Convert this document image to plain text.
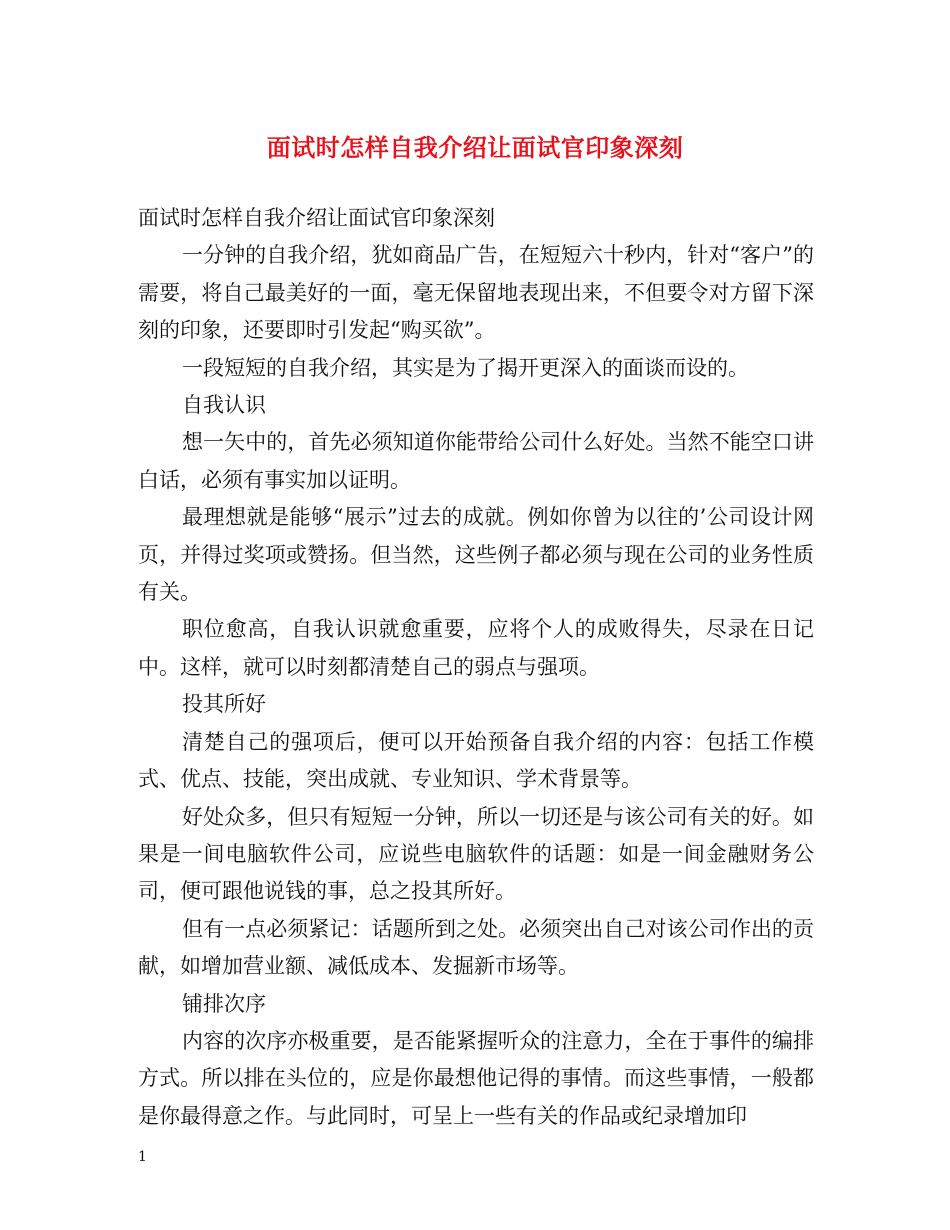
面试时怎样自我介绍让面试官印象深刻

面试时怎样自我介绍让面试官印象深刻

一分钟的自我介绍，犹如商品广告，在短短六十秒内，针对“客户”的需要，将自己最美好的一面，毫无保留地表现出来，不但要令对方留下深刻的印象，还要即时引发起“购买欲”。

一段短短的自我介绍，其实是为了揭开更深入的面谈而设的。

自我认识

想一矢中的，首先必须知道你能带给公司什么好处。当然不能空口讲白话，必须有事实加以证明。

最理想就是能够“展示”过去的成就。例如你曾为以往的’公司设计网页，并得过奖项或赞扬。但当然，这些例子都必须与现在公司的业务性质有关。

职位愈高，自我认识就愈重要，应将个人的成败得失，尽录在日记中。这样，就可以时刻都清楚自己的弱点与强项。

投其所好

清楚自己的强项后，便可以开始预备自我介绍的内容：包括工作模式、优点、技能，突出成就、专业知识、学术背景等。

好处众多，但只有短短一分钟，所以一切还是与该公司有关的好。如果是一间电脑软件公司，应说些电脑软件的话题：如是一间金融财务公司，便可跟他说钱的事，总之投其所好。

但有一点必须紧记：话题所到之处。必须突出自己对该公司作出的贡献，如增加营业额、减低成本、发掘新市场等。

铺排次序

内容的次序亦极重要，是否能紧握听众的注意力，全在于事件的编排方式。所以排在头位的，应是你最想他记得的事情。而这些事情，一般都是你最得意之作。与此同时，可呈上一些有关的作品或纪录增加印

1
